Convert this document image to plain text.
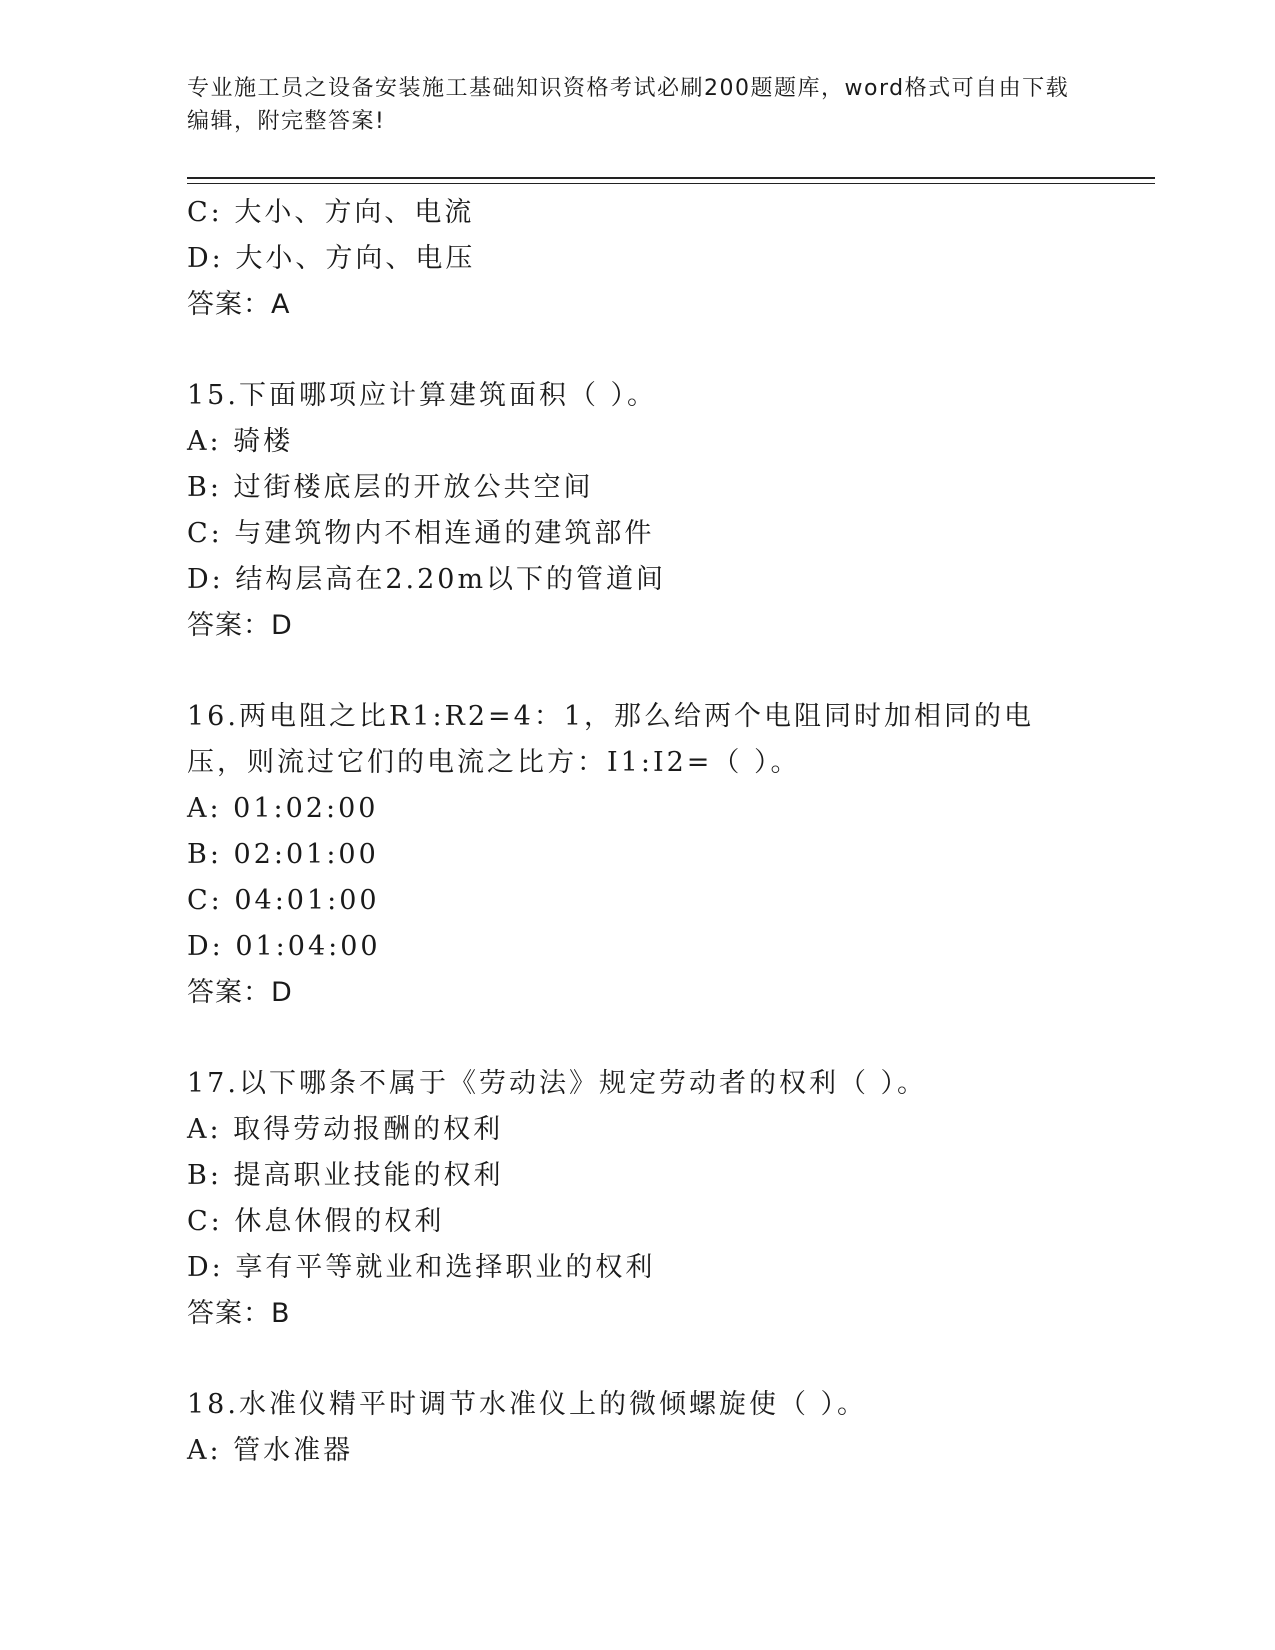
专业施工员之设备安装施工基础知识资格考试必刷200题题库，word格式可自由下载编辑，附完整答案!
C: 大小、方向、电流
D: 大小、方向、电压
答案：A
15.下面哪项应计算建筑面积（ ）。
A: 骑楼
B: 过街楼底层的开放公共空间
C: 与建筑物内不相连通的建筑部件
D: 结构层高在2.20m以下的管道间
答案：D
16.两电阻之比R1:R2=4：1，那么给两个电阻同时加相同的电压，则流过它们的电流之比方：I1:I2=（ ）。
A: 01:02:00
B: 02:01:00
C: 04:01:00
D: 01:04:00
答案：D
17.以下哪条不属于《劳动法》规定劳动者的权利（ ）。
A: 取得劳动报酬的权利
B: 提高职业技能的权利
C: 休息休假的权利
D: 享有平等就业和选择职业的权利
答案：B
18.水准仪精平时调节水准仪上的微倾螺旋使（ ）。
A: 管水准器
